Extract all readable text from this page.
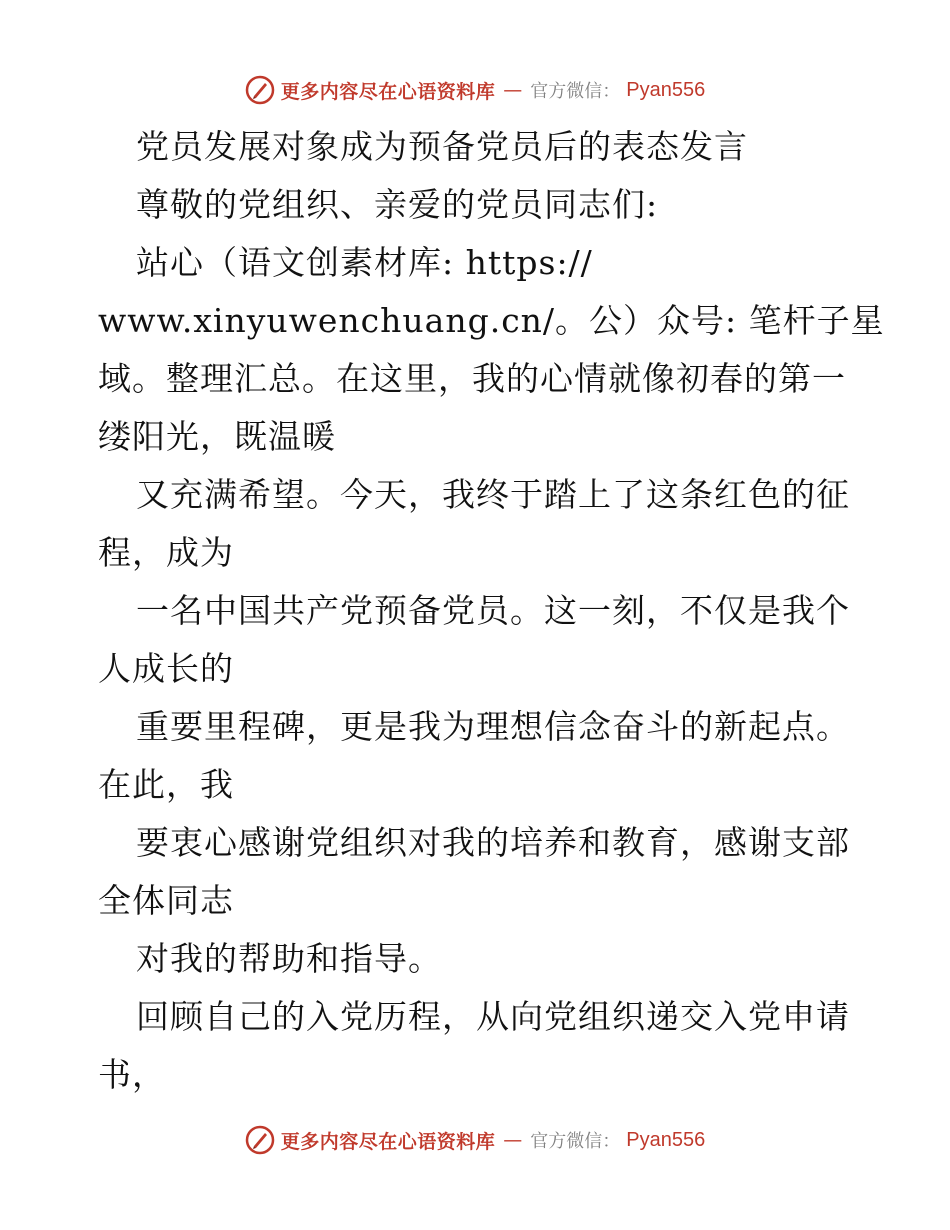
更多内容尽在心语资料库 — 官方微信： Pyan556
党员发展对象成为预备党员后的表态发言
尊敬的党组织、亲爱的党员同志们:
站心（语文创素材库: https://
www.xinyuwenchuang.cn/。公）众号: 笔杆子星
域。整理汇总。在这里，我的心情就像初春的第一
缕阳光，既温暖
又充满希望。今天，我终于踏上了这条红色的征
程，成为
一名中国共产党预备党员。这一刻，不仅是我个
人成长的
重要里程碑，更是我为理想信念奋斗的新起点。
在此，我
要衷心感谢党组织对我的培养和教育，感谢支部
全体同志
对我的帮助和指导。
回顾自己的入党历程，从向党组织递交入党申请
书，
更多内容尽在心语资料库 — 官方微信： Pyan556
